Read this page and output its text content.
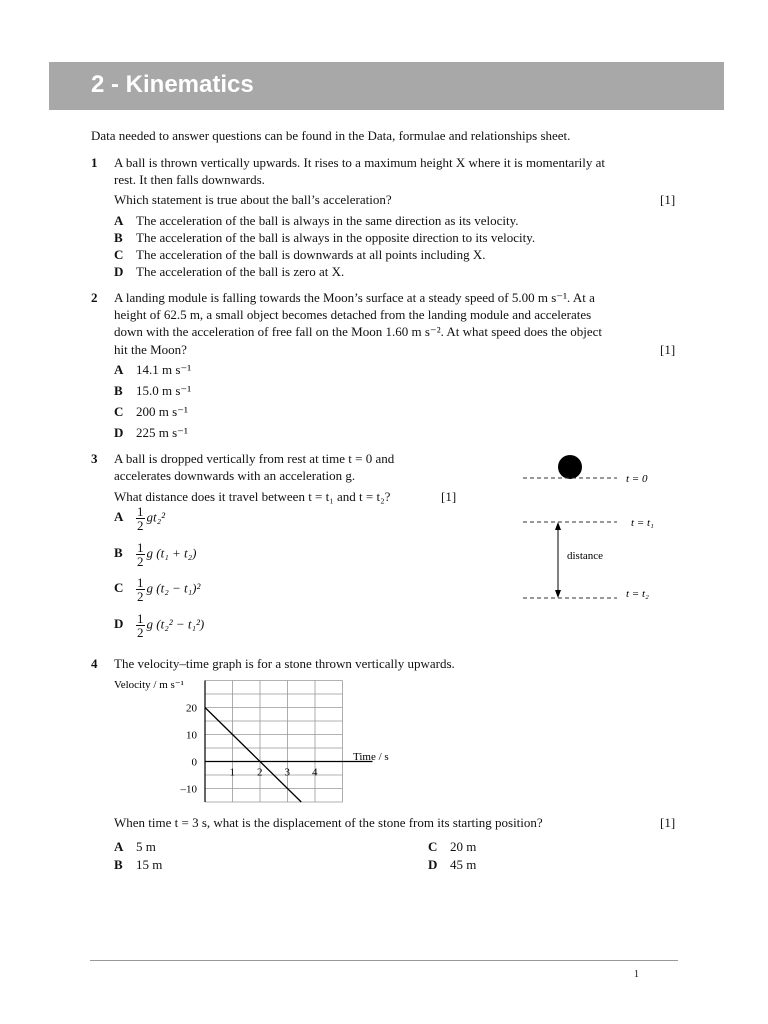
2 - Kinematics
Data needed to answer questions can be found in the Data, formulae and relationships sheet.
1 A ball is thrown vertically upwards. It rises to a maximum height X where it is momentarily at
rest. It then falls downwards.
Which statement is true about the ball’s acceleration?	[1]
A The acceleration of the ball is always in the same direction as its velocity.
B The acceleration of the ball is always in the opposite direction to its velocity.
C The acceleration of the ball is downwards at all points including X.
D The acceleration of the ball is zero at X.
2 A landing module is falling towards the Moon’s surface at a steady speed of 5.00 m s⁻¹. At a
height of 62.5 m, a small object becomes detached from the landing module and accelerates
down with the acceleration of free fall on the Moon 1.60 m s⁻². At what speed does the object
hit the Moon?	[1]
A 14.1 m s⁻¹
B 15.0 m s⁻¹
C 200 m s⁻¹
D 225 m s⁻¹
3 A ball is dropped vertically from rest at time t = 0 and
accelerates downwards with an acceleration g.
What distance does it travel between t = t₁ and t = t₂?	[1]
A $\frac{1}{2} gt_2^2$
B $\frac{1}{2}$ g (t₁ + t₂)
C $\frac{1}{2}$ g (t₂ − t₁)²
D $\frac{1}{2}$ g (t₂² − t₁²)
t = 0
t = t₁
t = t₂
distance
4 The velocity–time graph is for a stone thrown vertically upwards.
1 2 3 4
20
10
0
–10
Velocity / m s⁻¹
Time / s
When time t = 3 s, what is the displacement of the stone from its starting position?	[1]
A 5 m
B 15 m
C 20 m
D 45 m
1
